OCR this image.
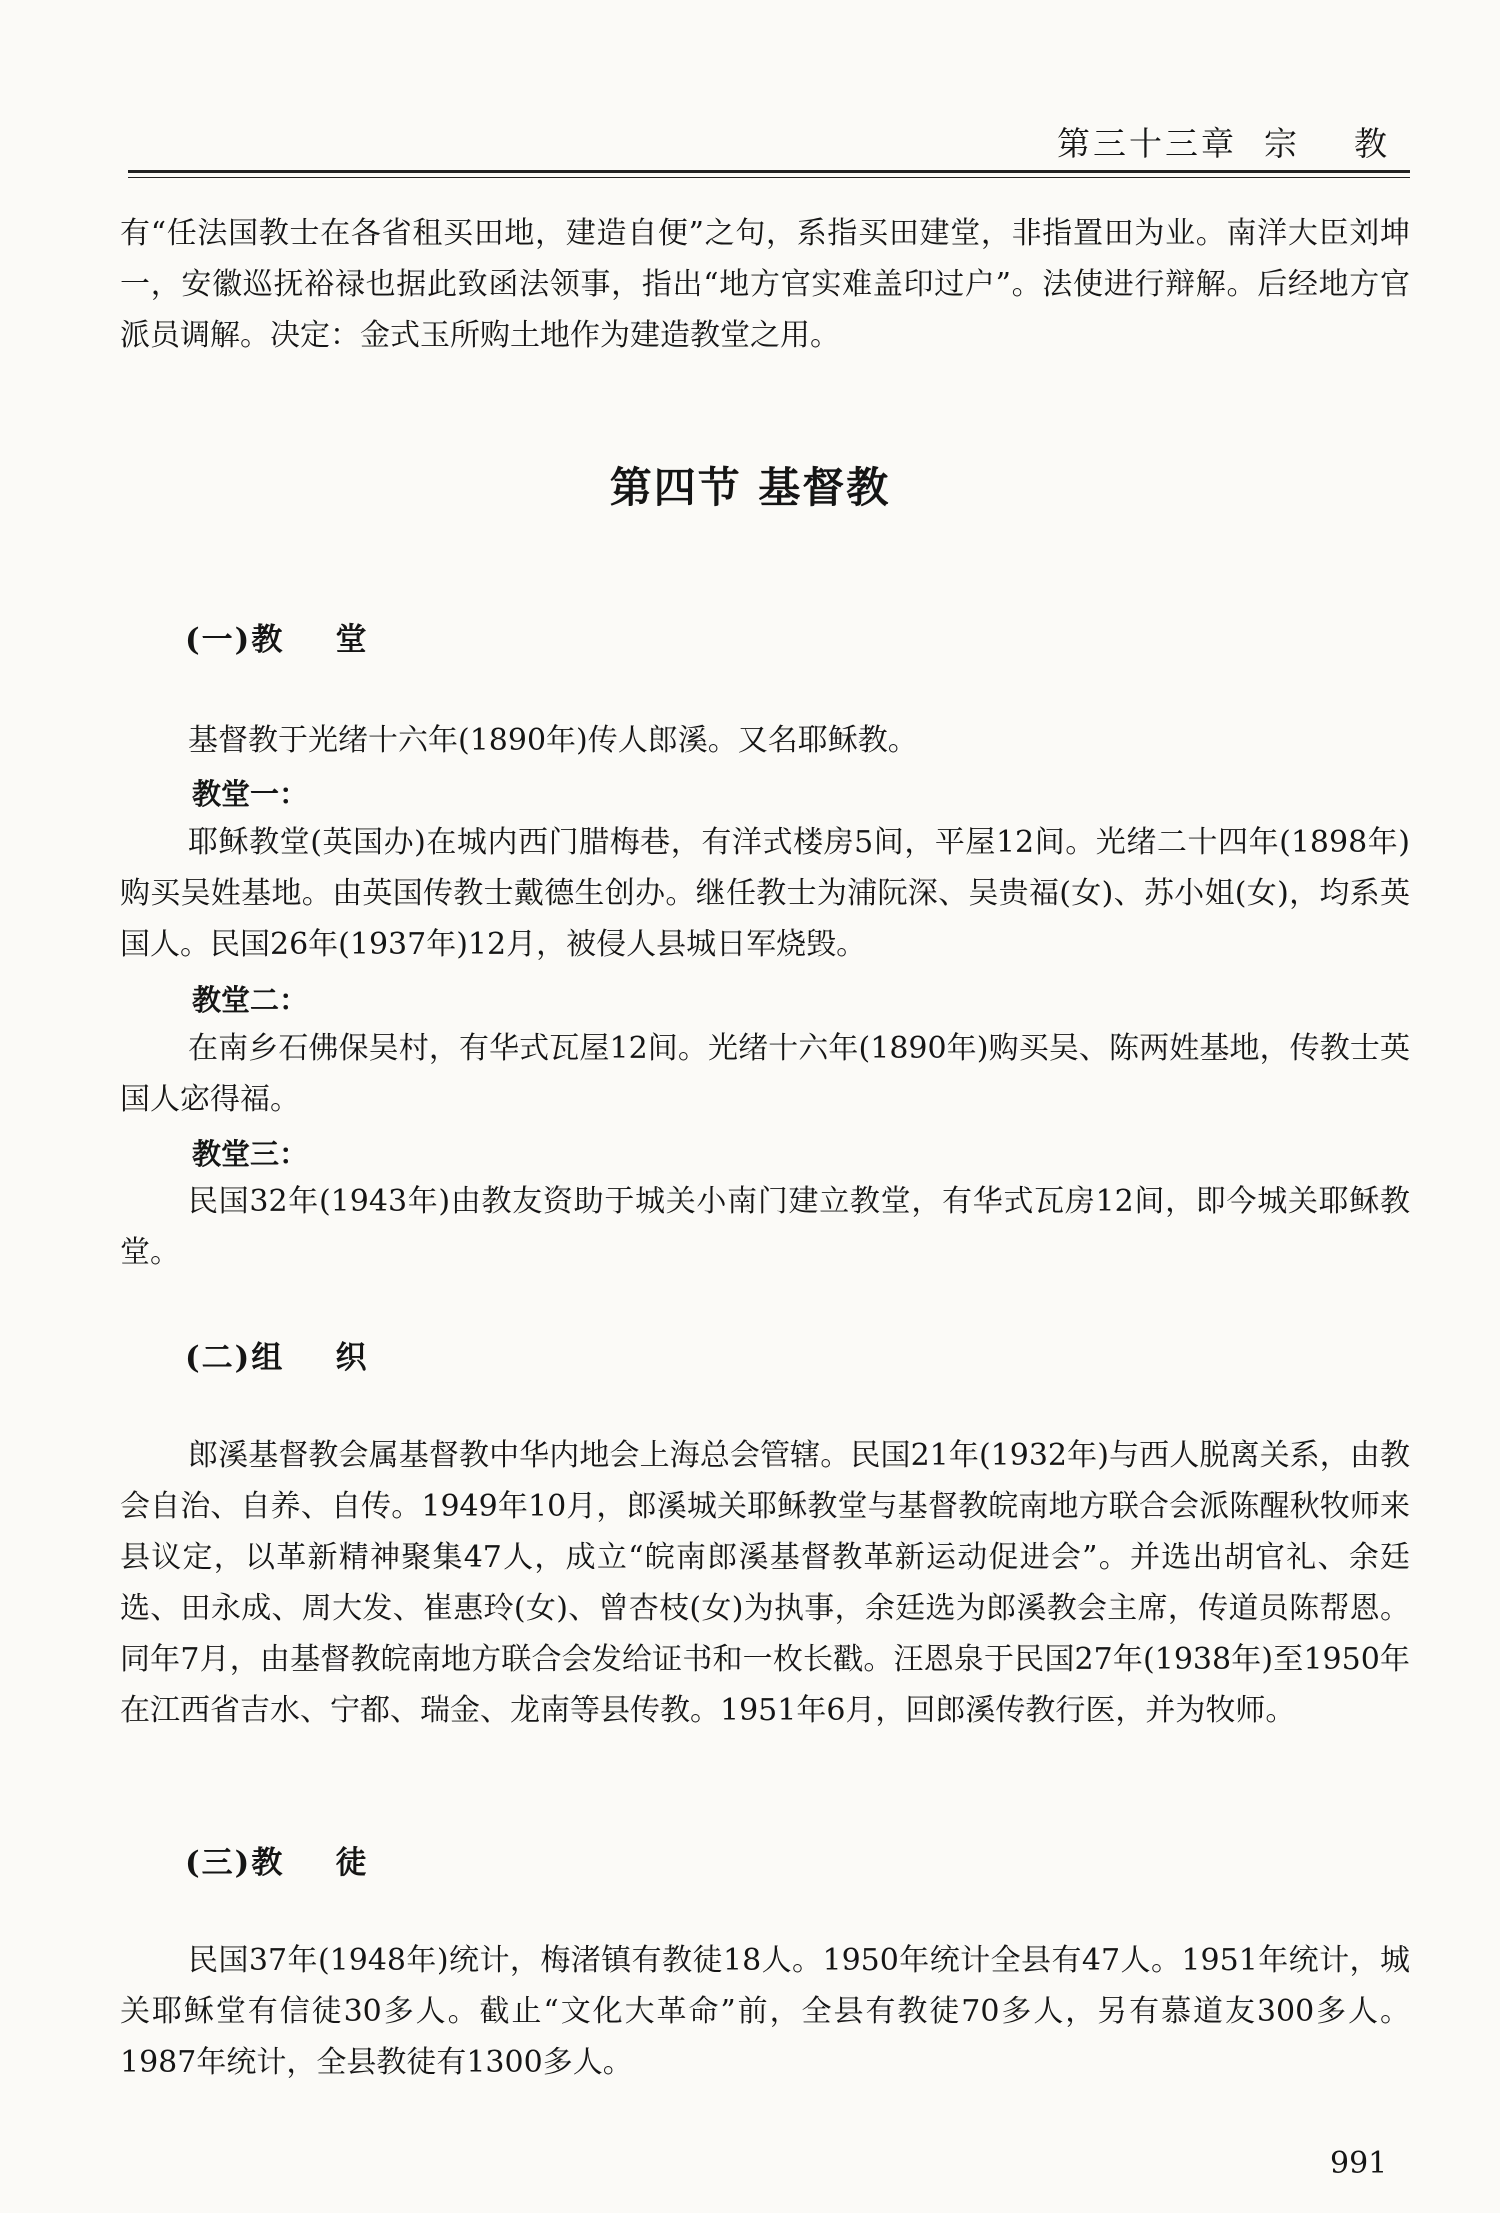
第三十三章  宗    教

有“任法国教士在各省租买田地，建造自便”之句，系指买田建堂，非指置田为业。南洋大臣刘坤一，安徽巡抚裕禄也据此致函法领事，指出“地方官实难盖印过户”。法使进行辩解。后经地方官派员调解。决定：金式玉所购土地作为建造教堂之用。

第四节 基督教
(一)教    堂

基督教于光绪十六年(1890年)传人郎溪。又名耶稣教。

教堂一：

耶稣教堂(英国办)在城内西门腊梅巷，有洋式楼房5间，平屋12间。光绪二十四年(1898年)购买吴姓基地。由英国传教士戴德生创办。继任教士为浦阮深、吴贵福(女)、苏小姐(女)，均系英国人。民国26年(1937年)12月，被侵人县城日军烧毁。

教堂二：

在南乡石佛保吴村，有华式瓦屋12间。光绪十六年(1890年)购买吴、陈两姓基地，传教士英国人宓得福。

教堂三：

民国32年(1943年)由教友资助于城关小南门建立教堂，有华式瓦房12间，即今城关耶稣教堂。

(二)组    织

郎溪基督教会属基督教中华内地会上海总会管辖。民国21年(1932年)与西人脱离关系，由教会自治、自养、自传。1949年10月，郎溪城关耶稣教堂与基督教皖南地方联合会派陈醒秋牧师来县议定，以革新精神聚集47人，成立“皖南郎溪基督教革新运动促进会”。并选出胡官礼、余廷选、田永成、周大发、崔惠玲(女)、曾杏枝(女)为执事，余廷选为郎溪教会主席，传道员陈帮恩。同年7月，由基督教皖南地方联合会发给证书和一枚长戳。汪恩泉于民国27年(1938年)至1950年在江西省吉水、宁都、瑞金、龙南等县传教。1951年6月，回郎溪传教行医，并为牧师。

(三)教    徒

民国37年(1948年)统计，梅渚镇有教徒18人。1950年统计全县有47人。1951年统计，城关耶稣堂有信徒30多人。截止“文化大革命”前，全县有教徒70多人，另有慕道友300多人。1987年统计，全县教徒有1300多人。

991
